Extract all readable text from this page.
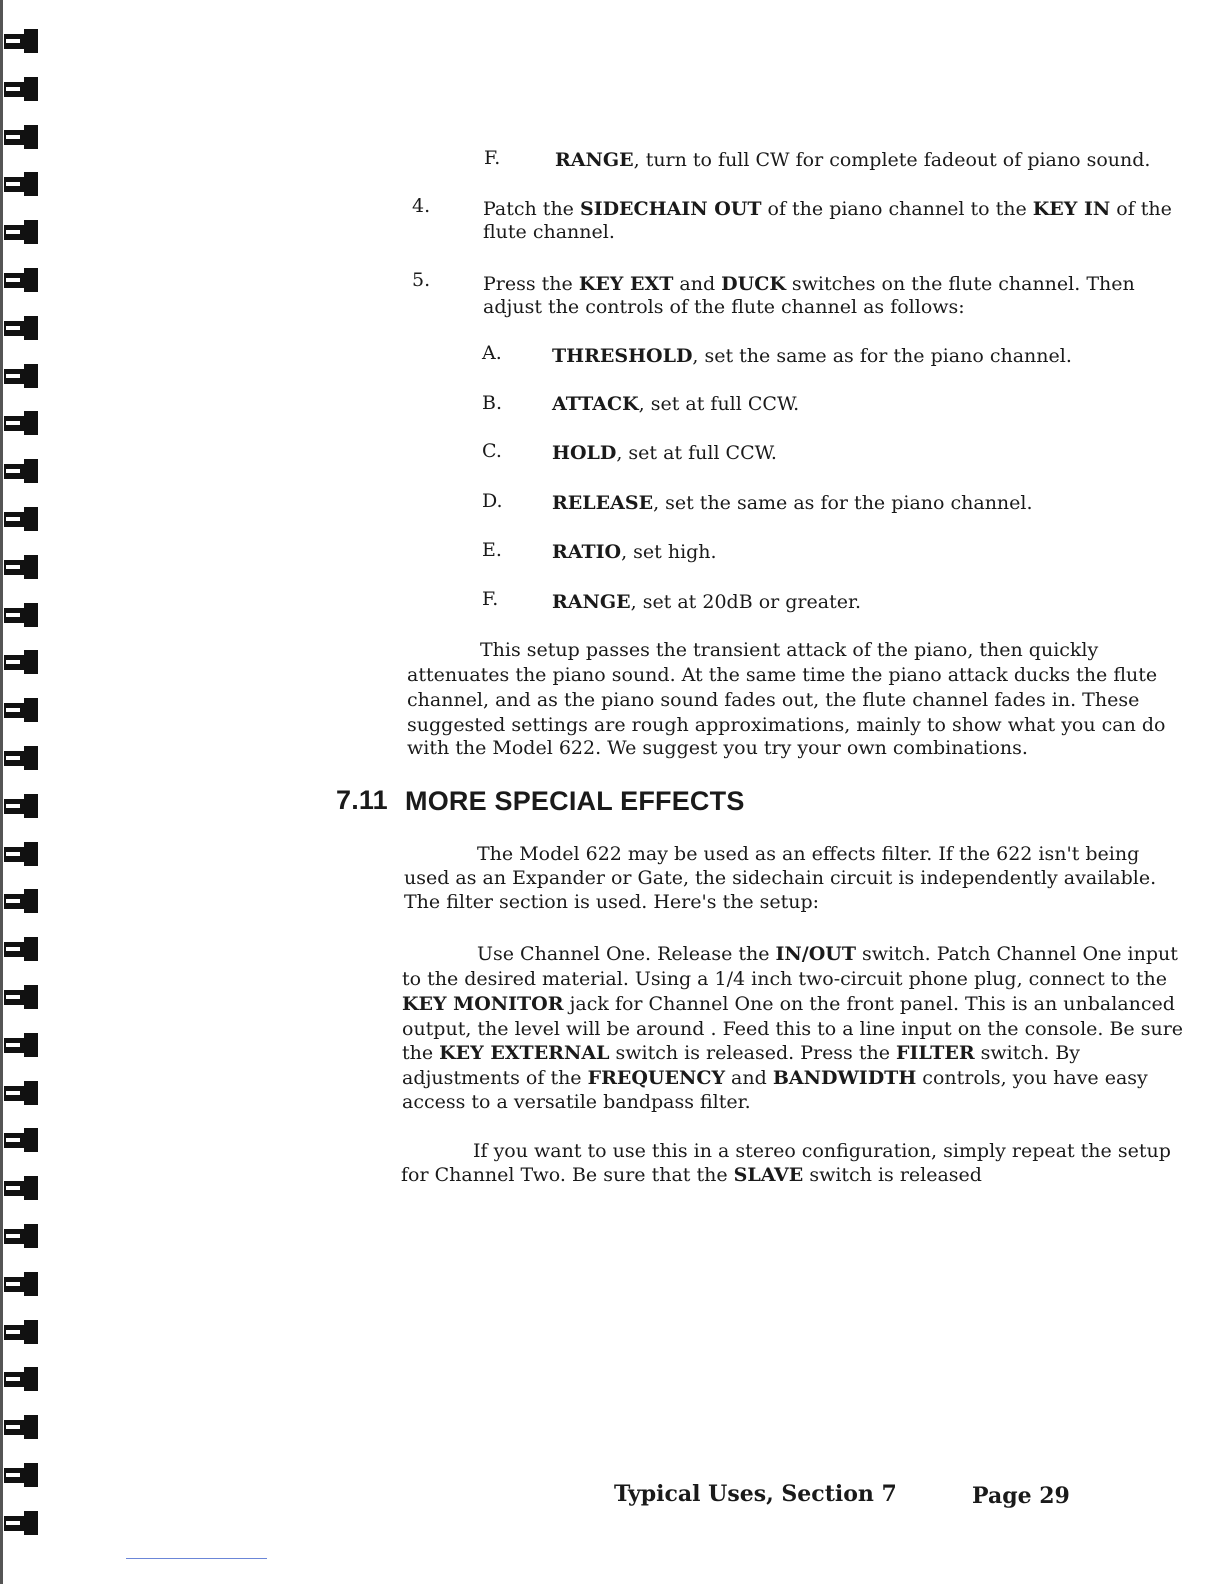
F.	RANGE, turn to full CW for complete fadeout of piano sound.
4.	Patch the SIDECHAIN OUT of the piano channel to the KEY IN of the
flute channel.
5.	Press the KEY EXT and DUCK switches on the flute channel. Then
adjust the controls of the flute channel as follows:
A.	THRESHOLD, set the same as for the piano channel.
B.	ATTACK, set at full CCW.
C.	HOLD, set at full CCW.
D.	RELEASE, set the same as for the piano channel.
E.	RATIO, set high.
F.	RANGE, set at 20dB or greater.
This setup passes the transient attack of the piano, then quickly
attenuates the piano sound. At the same time the piano attack ducks the flute
channel, and as the piano sound fades out, the flute channel fades in. These
suggested settings are rough approximations, mainly to show what you can do
with the Model 622. We suggest you try your own combinations.
7.11 MORE SPECIAL EFFECTS
The Model 622 may be used as an effects filter. If the 622 isn't being
used as an Expander or Gate, the sidechain circuit is independently available.
The filter section is used. Here's the setup:
Use Channel One. Release the IN/OUT switch. Patch Channel One input
to the desired material. Using a 1/4 inch two-circuit phone plug, connect to the
KEY MONITOR jack for Channel One on the front panel. This is an unbalanced
output, the level will be around . Feed this to a line input on the console. Be sure
the KEY EXTERNAL switch is released. Press the FILTER switch. By
adjustments of the FREQUENCY and BANDWIDTH controls, you have easy
access to a versatile bandpass filter.
If you want to use this in a stereo configuration, simply repeat the setup
for Channel Two. Be sure that the SLAVE switch is released
Typical Uses, Section 7	Page 29
